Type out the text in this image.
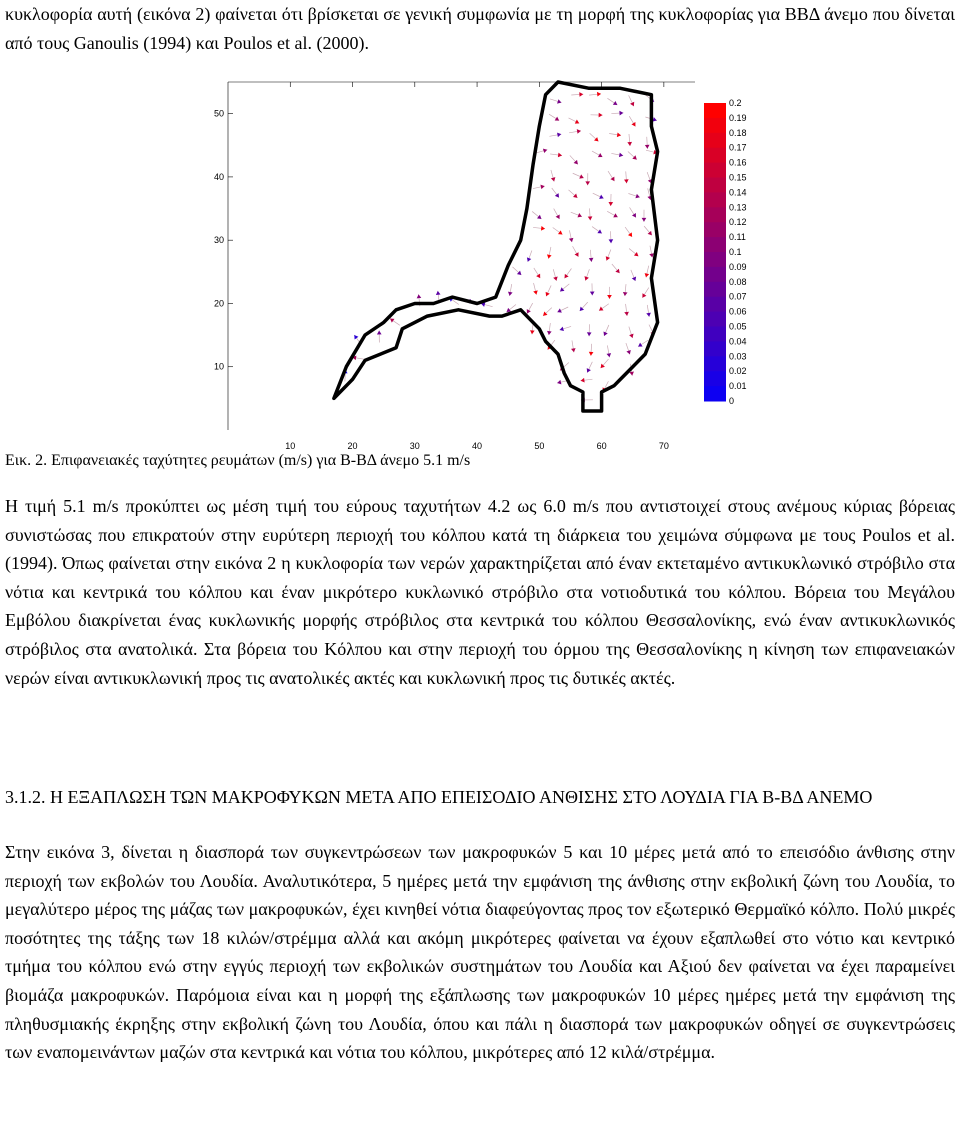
κυκλοφορία αυτή (εικόνα 2) φαίνεται ότι βρίσκεται σε γενική συμφωνία με τη μορφή της κυκλοφορίας για ΒΒΔ άνεμο που δίνεται από τους Ganoulis (1994) και Poulos et al. (2000).

10	20	30	40	50	60	70
50
40
30
20
10
0.2
0.19
0.18
0.17
0.16
0.15
0.14
0.13
0.12
0.11
0.1
0.09
0.08
0.07
0.06
0.05
0.04
0.03
0.02
0.01
0
Εικ. 2. Επιφανειακές ταχύτητες ρευμάτων (m/s) για Β-ΒΔ άνεμο 5.1 m/s

Η τιμή 5.1 m/s προκύπτει ως μέση τιμή του εύρους ταχυτήτων 4.2 ως 6.0 m/s που αντιστοιχεί στους ανέμους κύριας βόρειας συνιστώσας που επικρατούν στην ευρύτερη περιοχή του κόλπου κατά τη διάρκεια του χειμώνα σύμφωνα με τους Poulos et al. (1994). Όπως φαίνεται στην εικόνα 2 η κυκλοφορία των νερών χαρακτηρίζεται από έναν εκτεταμένο αντικυκλωνικό στρόβιλο στα νότια και κεντρικά του κόλπου και έναν μικρότερο κυκλωνικό στρόβιλο στα νοτιοδυτικά του κόλπου. Βόρεια του Μεγάλου Εμβόλου διακρίνεται ένας κυκλωνικής μορφής στρόβιλος στα κεντρικά του κόλπου Θεσσαλονίκης, ενώ έναν αντικυκλωνικός στρόβιλος στα ανατολικά. Στα βόρεια του Κόλπου και στην περιοχή του όρμου της Θεσσαλονίκης η κίνηση των επιφανειακών νερών είναι αντικυκλωνική προς τις ανατολικές ακτές και κυκλωνική προς τις δυτικές ακτές.

3.1.2. Η ΕΞΑΠΛΩΣΗ ΤΩΝ ΜΑΚΡΟΦΥΚΩΝ ΜΕΤΑ ΑΠΟ ΕΠΕΙΣΟΔΙΟ ΑΝΘΙΣΗΣ ΣΤΟ ΛΟΥΔΙΑ ΓΙΑ Β-ΒΔ ΑΝΕΜΟ

Στην εικόνα 3, δίνεται η διασπορά των συγκεντρώσεων των μακροφυκών 5 και 10 μέρες μετά από το επεισόδιο άνθισης στην περιοχή των εκβολών του Λουδία. Αναλυτικότερα, 5 ημέρες μετά την εμφάνιση της άνθισης στην εκβολική ζώνη του Λουδία, το μεγαλύτερο μέρος της μάζας των μακροφυκών, έχει κινηθεί νότια διαφεύγοντας προς τον εξωτερικό Θερμαϊκό κόλπο. Πολύ μικρές ποσότητες της τάξης των 18 κιλών/στρέμμα αλλά και ακόμη μικρότερες φαίνεται να έχουν εξαπλωθεί στο νότιο και κεντρικό τμήμα του κόλπου ενώ στην εγγύς περιοχή των εκβολικών συστημάτων του Λουδία και Αξιού δεν φαίνεται να έχει παραμείνει βιομάζα μακροφυκών. Παρόμοια είναι και η μορφή της εξάπλωσης των μακροφυκών 10 μέρες ημέρες μετά την εμφάνιση της πληθυσμιακής έκρηξης στην εκβολική ζώνη του Λουδία, όπου και πάλι η διασπορά των μακροφυκών οδηγεί σε συγκεντρώσεις των εναπομεινάντων μαζών στα κεντρικά και νότια του κόλπου, μικρότερες από 12 κιλά/στρέμμα.
